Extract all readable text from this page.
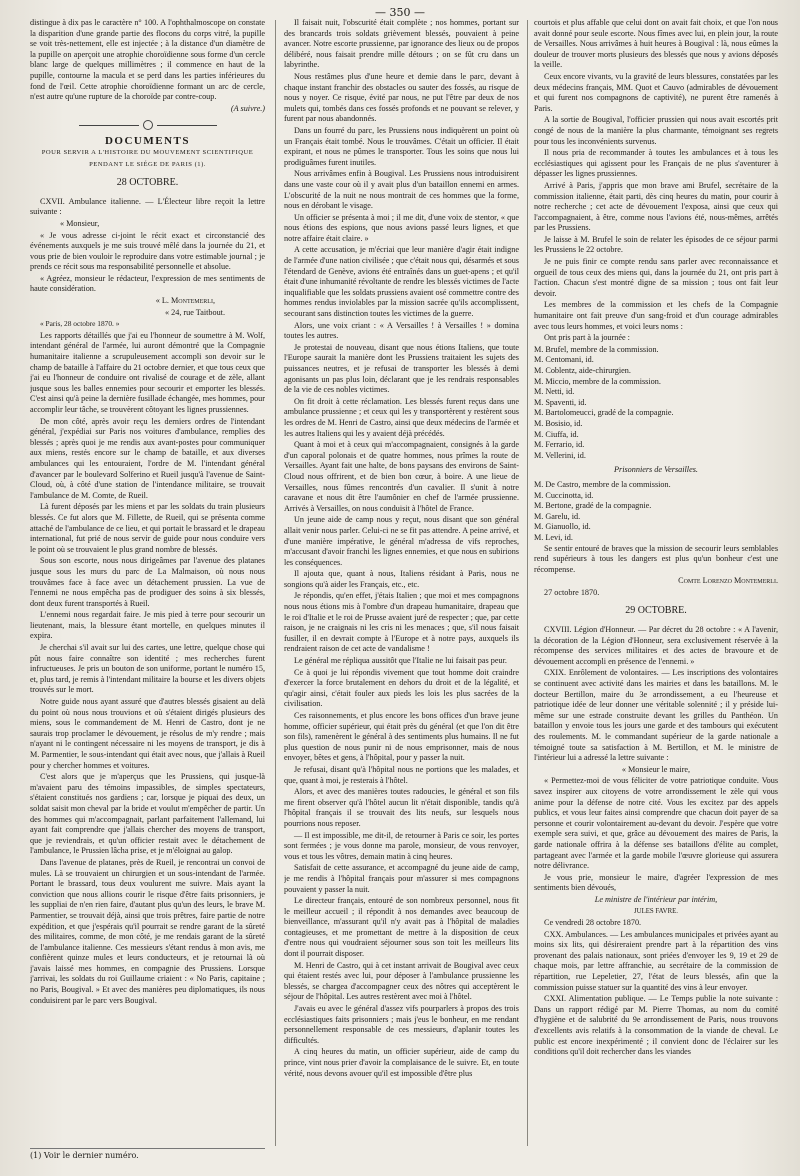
— 350 —

distingue à dix pas le caractère n° 100. A l'ophthalmoscope on constate la disparition d'une grande partie des flocons du corps vitré, la pupille se voit très-nettement, elle est injectée ; à la distance d'un diamètre de la pupille on aperçoit une atrophie choroïdienne sous forme d'un cercle blanc large de quelques millimètres ; il commence en haut de la pupille, contourne la macula et se perd dans les parties inférieures du fond de l'œil. Cette atrophie choroïdienne formant un arc de cercle, n'est autre qu'une rupture de la choroïde par contre-coup.

(A suivre.)

DOCUMENTS

POUR SERVIR A L'HISTOIRE DU MOUVEMENT SCIENTIFIQUE

PENDANT LE SIÉGE DE PARIS (1).

28 OCTOBRE.

CXVII. Ambulance italienne. — L'Électeur libre reçoit la lettre suivante :

« Monsieur,

« Je vous adresse ci-joint le récit exact et circonstancié des événements auxquels je me suis trouvé mêlé dans la journée du 21, et vous prie de bien vouloir le reproduire dans votre estimable journal ; je prends ce récit sous ma responsabilité personnelle et absolue.

« Agréez, monsieur le rédacteur, l'expression de mes sentiments de haute considération.

« L. Montemerli,

« 24, rue Taitbout.

« Paris, 28 octobre 1870. »

Les rapports détaillés que j'ai eu l'honneur de soumettre à M. Wolf, intendant général de l'armée, lui auront démontré que la Compagnie humanitaire italienne a scrupuleusement accompli son devoir sur le champ de bataille à l'affaire du 21 octobre dernier, et que tous ceux que j'ai eu l'honneur de conduire ont rivalisé de courage et de zèle, allant jusque sous les balles ennemies pour secourir et emporter les blessés. C'est ainsi qu'à peine la dernière fusillade échangée, mes hommes, pour accomplir leur tâche, se trouvèrent côtoyant les lignes prussiennes.

De mon côté, après avoir reçu les derniers ordres de l'intendant général, j'expédiai sur Paris nos voitures d'ambulance, remplies des blessés ; après quoi je me rendis aux avant-postes pour communiquer aux miens, restés encore sur le champ de bataille, et aux diverses ambulances qui les entouraient, l'ordre de M. l'intendant général d'avancer par le boulevard Solferino et Rueil jusqu'à l'avenue de Saint-Cloud, où, à côté d'une station de l'intendance militaire, se trouvait l'ambulance de M. Comte, de Rueil.

Là furent déposés par les miens et par les soldats du train plusieurs blessés. Ce fut alors que M. Fillette, de Rueil, qui se présenta comme attaché de l'ambulance de ce lieu, et qui portait le brassard et le drapeau international, fut prié de nous servir de guide pour nous conduire vers le point où se trouvaient le plus grand nombre de blessés.

Sous son escorte, nous nous dirigeâmes par l'avenue des platanes jusque sous les murs du parc de La Malmaison, où nous nous trouvâmes face à face avec un détachement prussien. La vue de l'ennemi ne nous empêcha pas de prodiguer des soins à six blessés, dont deux furent transportés à Rueil.

L'ennemi nous regardait faire. Je mis pied à terre pour secourir un lieutenant, mais, la blessure étant mortelle, en quelques minutes il expira.

Je cherchai s'il avait sur lui des cartes, une lettre, quelque chose qui pût nous faire connaître son identité ; mes recherches furent infructueuses. Je pris un bouton de son uniforme, portant le numéro 15, et, plus tard, je remis à l'intendant militaire la bourse et les divers objets trouvés sur le mort.

Notre guide nous ayant assuré que d'autres blessés gisaient au delà du point où nous nous trouvions et où s'étaient dirigés plusieurs des miens, sous le commandement de M. Henri de Castro, dont je ne saurais trop proclamer le dévouement, je résolus de m'y rendre ; mais n'ayant ni le contingent nécessaire ni les moyens de transport, je dis à M. Parmentier, le sous-intendant qui était avec nous, que j'allais à Rueil pour y chercher hommes et voitures.

C'est alors que je m'aperçus que les Prussiens, qui jusque-là m'avaient paru des témoins impassibles, de simples spectateurs, s'étaient constitués nos gardiens ; car, lorsque je piquai des deux, un soldat saisit mon cheval par la bride et voulut m'empêcher de partir. Un des hommes qui m'accompagnait, parlant parfaitement l'allemand, lui ayant fait comprendre que j'allais chercher des moyens de transport, que je reviendrais, et qu'un officier restait avec le détachement de l'ambulance, le Prussien lâcha prise, et je m'éloignai au galop.

Dans l'avenue de platanes, près de Rueil, je rencontrai un convoi de mules. Là se trouvaient un chirurgien et un sous-intendant de l'armée. Portant le brassard, tous deux voulurent me suivre. Mais ayant la conviction que nous allions courir le risque d'être faits prisonniers, je les suppliai de n'en rien faire, d'autant plus qu'un des leurs, le brave M. Parmentier, se trouvait déjà, ainsi que trois prêtres, faire partie de notre expédition, et que j'espérais qu'il pourrait se rendre garant de la sûreté des militaires, comme, de mon côté, je me rendais garant de la sûreté de l'ambulance italienne. Ces messieurs s'étant rendus à mon avis, me confièrent quinze mules et leurs conducteurs, et je retournai là où j'avais laissé mes hommes, en compagnie des Prussiens. Lorsque j'arrivai, les soldats du roi Guillaume criaient : « No Paris, capitaine ; no Paris, Bougival. » Et avec des manières peu diplomatiques, ils nous conduisirent par le parc vers Bougival.

(1) Voir le dernier numéro.

Il faisait nuit, l'obscurité était complète ; nos hommes, portant sur des brancards trois soldats grièvement blessés, pouvaient à peine avancer. Notre escorte prussienne, par ignorance des lieux ou de propos délibéré, nous faisait prendre mille détours ; on se fût cru dans un labyrinthe.

Nous restâmes plus d'une heure et demie dans le parc, devant à chaque instant franchir des obstacles ou sauter des fossés, au risque de nous y noyer. Ce risque, évité par nous, ne put l'être par deux de nos mulets qui, tombés dans ces fossés profonds et ne pouvant se relever, y furent par nous abandonnés.

Dans un fourré du parc, les Prussiens nous indiquèrent un point où un Français était tombé. Nous le trouvâmes. C'était un officier. Il était expirant, et nous ne pûmes le transporter. Tous les soins que nous lui prodiguâmes furent inutiles.

Nous arrivâmes enfin à Bougival. Les Prussiens nous introduisirent dans une vaste cour où il y avait plus d'un bataillon ennemi en armes. L'obscurité de la nuit ne nous montrait de ces hommes que la forme, nous en dérobant le visage.

Un officier se présenta à moi ; il me dit, d'une voix de stentor, « que nous étions des espions, que nous avions passé leurs lignes, et que notre affaire était claire. »

A cette accusation, je m'écriai que leur manière d'agir était indigne de l'armée d'une nation civilisée ; que c'était nous qui, désarmés et sous l'étendard de Genève, avions été entraînés dans un guet-apens ; et qu'il était d'une inhumanité révoltante de rendre les blessés victimes de l'acte inqualifiable que les soldats prussiens avaient osé commettre contre des hommes rendus inviolables par la mission sacrée qu'ils accomplissent, secourant sans distinction toutes les victimes de la guerre.

Alors, une voix criant : « A Versailles ! à Versailles ! » domina toutes les autres.

Je protestai de nouveau, disant que nous étions Italiens, que toute l'Europe saurait la manière dont les Prussiens traitaient les sujets des puissances neutres, et je refusai de transporter les blessés à demi agonisants un pas plus loin, déclarant que je les rendrais responsables de la vie de ces nobles victimes.

On fit droit à cette réclamation. Les blessés furent reçus dans une ambulance prussienne ; et ceux qui les y transportèrent y restèrent sous les ordres de M. Henri de Castro, ainsi que deux médecins de l'armée et les autres Italiens qui les y avaient déjà précédés.

Quant à moi et à ceux qui m'accompagnaient, consignés à la garde d'un caporal polonais et de quatre hommes, nous prîmes la route de Versailles. Ayant fait une halte, de bons paysans des environs de Saint-Cloud nous offrirent, et de bien bon cœur, à boire. A une lieue de Versailles, nous fûmes rencontrés d'un cavalier. Il s'unit à notre caravane et nous dit être l'aumônier en chef de l'armée prussienne. Arrivés à Versailles, on nous conduisit à l'hôtel de France.

Un jeune aide de camp nous y reçut, nous disant que son général allait venir nous parler. Celui-ci ne se fit pas attendre. A peine arrivé, et d'une manière impérative, le général m'adressa de vifs reproches, m'accusant d'avoir franchi les lignes ennemies, et que nous en subirions les conséquences.

Il ajouta que, quant à nous, Italiens résidant à Paris, nous ne songions qu'à aider les Français, etc., etc.

Je répondis, qu'en effet, j'étais Italien ; que moi et mes compagnons nous nous étions mis à l'ombre d'un drapeau humanitaire, drapeau que le roi d'Italie et le roi de Prusse avaient juré de respecter ; que, par cette raison, je ne craignais ni les cris ni les menaces ; que, s'il nous faisait fusiller, il en devrait compte à l'Europe et à notre pays, auxquels ils rendraient raison de cet acte de vandalisme !

Le général me répliqua aussitôt que l'Italie ne lui faisait pas peur.

Ce à quoi je lui répondis vivement que tout homme doit craindre d'exercer la force brutalement en dehors du droit et de la légalité, et qu'agir ainsi, c'était fouler aux pieds les lois les plus sacrées de la civilisation.

Ces raisonnements, et plus encore les bons offices d'un brave jeune homme, officier supérieur, qui était près du général (et que l'on dit être son fils), ramenèrent le général à des sentiments plus humains. Il ne fut plus question de nous punir ni de nous emprisonner, mais de nous envoyer, bêtes et gens, à l'hôpital, pour y passer la nuit.

Je refusai, disant qu'à l'hôpital nous ne portions que les malades, et que, quant à moi, je resterais à l'hôtel.

Alors, et avec des manières toutes radoucies, le général et son fils me firent observer qu'à l'hôtel aucun lit n'était disponible, tandis qu'à l'hôpital français il se trouvait des lits neufs, sur lesquels nous pourrions nous reposer.

— Il est impossible, me dit-il, de retourner à Paris ce soir, les portes sont fermées ; je vous donne ma parole, monsieur, de vous renvoyer, vous et tous les vôtres, demain matin à cinq heures.

Satisfait de cette assurance, et accompagné du jeune aide de camp, je me rendis à l'hôpital français pour m'assurer si mes compagnons pouvaient y passer la nuit.

Le directeur français, entouré de son nombreux personnel, nous fit le meilleur accueil ; il répondit à nos demandes avec beaucoup de bienveillance, m'assurant qu'il n'y avait pas à l'hôpital de maladies contagieuses, et me promettant de mettre à la disposition de ceux d'entre nous qui voudraient séjourner sous son toit les meilleurs lits dont il pourrait disposer.

M. Henri de Castro, qui à cet instant arrivait de Bougival avec ceux qui étaient restés avec lui, pour déposer à l'ambulance prussienne les blessés, se chargea d'accompagner ceux des nôtres qui acceptèrent le séjour de l'hôpital. Les autres restèrent avec moi à l'hôtel.

J'avais eu avec le général d'assez vifs pourparlers à propos des trois ecclésiastiques faits prisonniers ; mais j'eus le bonheur, en me rendant personnellement responsable de ces messieurs, d'aplanir toutes les difficultés.

A cinq heures du matin, un officier supérieur, aide de camp du prince, vint nous prier d'avoir la complaisance de le suivre. Et, en toute vérité, nous devons avouer qu'il est impossible d'être plus

courtois et plus affable que celui dont on avait fait choix, et que l'on nous avait donné pour seule escorte. Nous fîmes avec lui, en plein jour, la route de Versailles. Nous arrivâmes à huit heures à Bougival : là, nous eûmes la douleur de trouver morts plusieurs des blessés que nous y avions déposés la veille.

Ceux encore vivants, vu la gravité de leurs blessures, constatées par les deux médecins français, MM. Quot et Cauvo (admirables de dévouement et qui furent nos compagnons de captivité), ne purent être ramenés à Paris.

A la sortie de Bougival, l'officier prussien qui nous avait escortés prit congé de nous de la manière la plus charmante, témoignant ses regrets pour tous les inconvénients survenus.

Il nous pria de recommander à toutes les ambulances et à tous les ecclésiastiques qui agissent pour les Français de ne plus s'aventurer à dépasser les lignes prussiennes.

Arrivé à Paris, j'appris que mon brave ami Brufel, secrétaire de la commission italienne, était parti, dès cinq heures du matin, pour courir à notre recherche ; cet acte de dévouement l'exposa, ainsi que ceux qui l'accompagnaient, à être, comme nous l'avions été, nous-mêmes, arrêtés par les Prussiens.

Je laisse à M. Brufel le soin de relater les épisodes de ce séjour parmi les Prussiens le 22 octobre.

Je ne puis finir ce compte rendu sans parler avec reconnaissance et orgueil de tous ceux des miens qui, dans la journée du 21, ont pris part à l'action. Chacun s'est montré digne de sa mission ; tous ont fait leur devoir.

Les membres de la commission et les chefs de la Compagnie humanitaire ont fait preuve d'un sang-froid et d'un courage admirables avec tous leurs hommes, et voici leurs noms :

Ont pris part à la journée :

M. Brufel, membre de la commission.
M. Centomani, id.
M. Coblentz, aide-chirurgien.
M. Miccio, membre de la commission.
M. Netti, id.
M. Spaventi, id.
M. Bartolomeucci, gradé de la compagnie.
M. Bosisio, id.
M. Ciuffa, id.
M. Ferrario, id.
M. Vellerini, id.

Prisonniers de Versailles.

M. De Castro, membre de la commission.
M. Cuccinotta, id.
M. Bertone, gradé de la compagnie.
M. Garelu, id.
M. Gianuollo, id.
M. Levi, id.

Se sentir entouré de braves que la mission de secourir leurs semblables rend supérieurs à tous les dangers est plus qu'un bonheur c'est une récompense.

Comte Lorenzo Montemerli.

27 octobre 1870.

29 OCTOBRE.

CXVIII. Légion d'Honneur. — Par décret du 28 octobre : « A l'avenir, la décoration de la Légion d'Honneur, sera exclusivement réservée à la récompense des services militaires et des actes de bravoure et de dévouement accompli en présence de l'ennemi. »

CXIX. Enrôlement de volontaires. — Les inscriptions des volontaires se continuent avec activité dans les mairies et dans les bataillons. M. le docteur Bertillon, maire du 3e arrondissement, a eu l'heureuse et patriotique idée de leur donner une véritable solennité ; il y préside lui-même sur une estrade construite devant les grilles du Panthéon. Un bataillon y envoie tous les jours une garde et des tambours qui exécutent des roulements. M. le commandant supérieur de la garde nationale a témoigné toute sa satisfaction à M. Bertillon, et M. le ministre de l'intérieur lui a adressé la lettre suivante :

« Monsieur le maire,

« Permettez-moi de vous féliciter de votre patriotique conduite. Vous savez inspirer aux citoyens de votre arrondissement le zèle qui vous anime pour la défense de notre cité. Vous les excitez par des appels publics, et vous leur faites ainsi comprendre que chacun doit payer de sa personne et courir volontairement au-devant du devoir. J'espère que votre exemple sera suivi, et que, grâce au dévouement des maires de Paris, la garde nationale offrira à la défense ses bataillons d'élite au complet, partageant avec l'armée et la garde mobile l'œuvre glorieuse qui assurera notre délivrance.

Je vous prie, monsieur le maire, d'agréer l'expression de mes sentiments bien dévoués,

Le ministre de l'intérieur par intérim,

JULES FAVRE.

Ce vendredi 28 octobre 1870.

CXX. Ambulances. — Les ambulances municipales et privées ayant au moins six lits, qui désireraient prendre part à la répartition des vins provenant des palais nationaux, sont priées d'envoyer les 9, 19 et 29 de chaque mois, par lettre affranchie, au secrétaire de la commission de répartition, rue Lepeletier, 27, l'état de leurs blessés, afin que la commission puisse statuer sur la quantité des vins à leur envoyer.

CXXI. Alimentation publique. — Le Temps publie la note suivante : Dans un rapport rédigé par M. Pierre Thomas, au nom du comité d'hygiène et de salubrité du 9e arrondissement de Paris, nous trouvons d'excellents avis relatifs à la consommation de la viande de cheval. Le public est encore inexpérimenté ; il convient donc de l'éclairer sur les conditions qu'il doit rechercher dans les viandes
